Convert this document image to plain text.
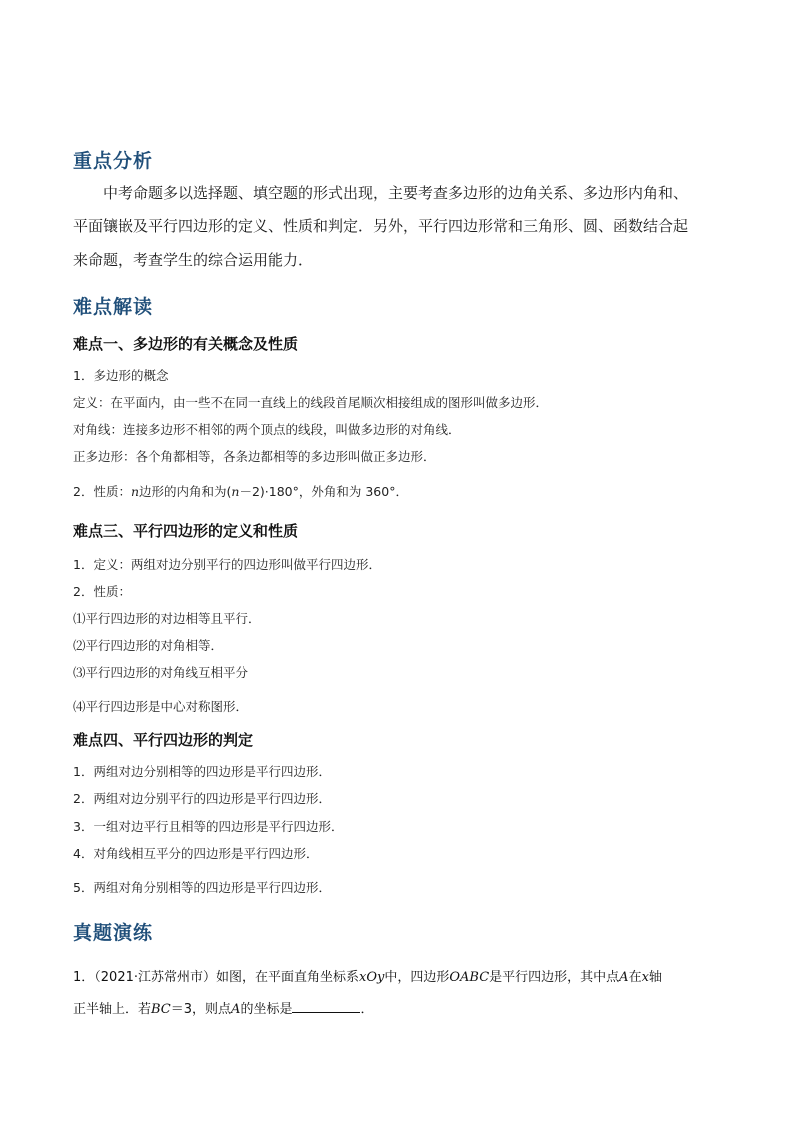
重点分析
中考命题多以选择题、填空题的形式出现，主要考查多边形的边角关系、多边形内角和、
平面镶嵌及平行四边形的定义、性质和判定．另外，平行四边形常和三角形、圆、函数结合起
来命题，考查学生的综合运用能力．
难点解读
难点一、多边形的有关概念及性质
1．多边形的概念
定义：在平面内，由一些不在同一直线上的线段首尾顺次相接组成的图形叫做多边形．
对角线：连接多边形不相邻的两个顶点的线段，叫做多边形的对角线．
正多边形：各个角都相等，各条边都相等的多边形叫做正多边形．
2．性质：n边形的内角和为(n－2)·180°，外角和为 360°．
难点三、平行四边形的定义和性质
1．定义：两组对边分别平行的四边形叫做平行四边形．
2．性质：
⑴平行四边形的对边相等且平行．
⑵平行四边形的对角相等．
⑶平行四边形的对角线互相平分
⑷平行四边形是中心对称图形．
难点四、平行四边形的判定
1．两组对边分别相等的四边形是平行四边形．
2．两组对边分别平行的四边形是平行四边形．
3．一组对边平行且相等的四边形是平行四边形．
4．对角线相互平分的四边形是平行四边形．
5．两组对角分别相等的四边形是平行四边形．
真题演练
1．（2021·江苏常州市）如图，在平面直角坐标系xOy中，四边形OABC是平行四边形，其中点A在x轴
正半轴上．若BC＝3，则点A的坐标是	．
